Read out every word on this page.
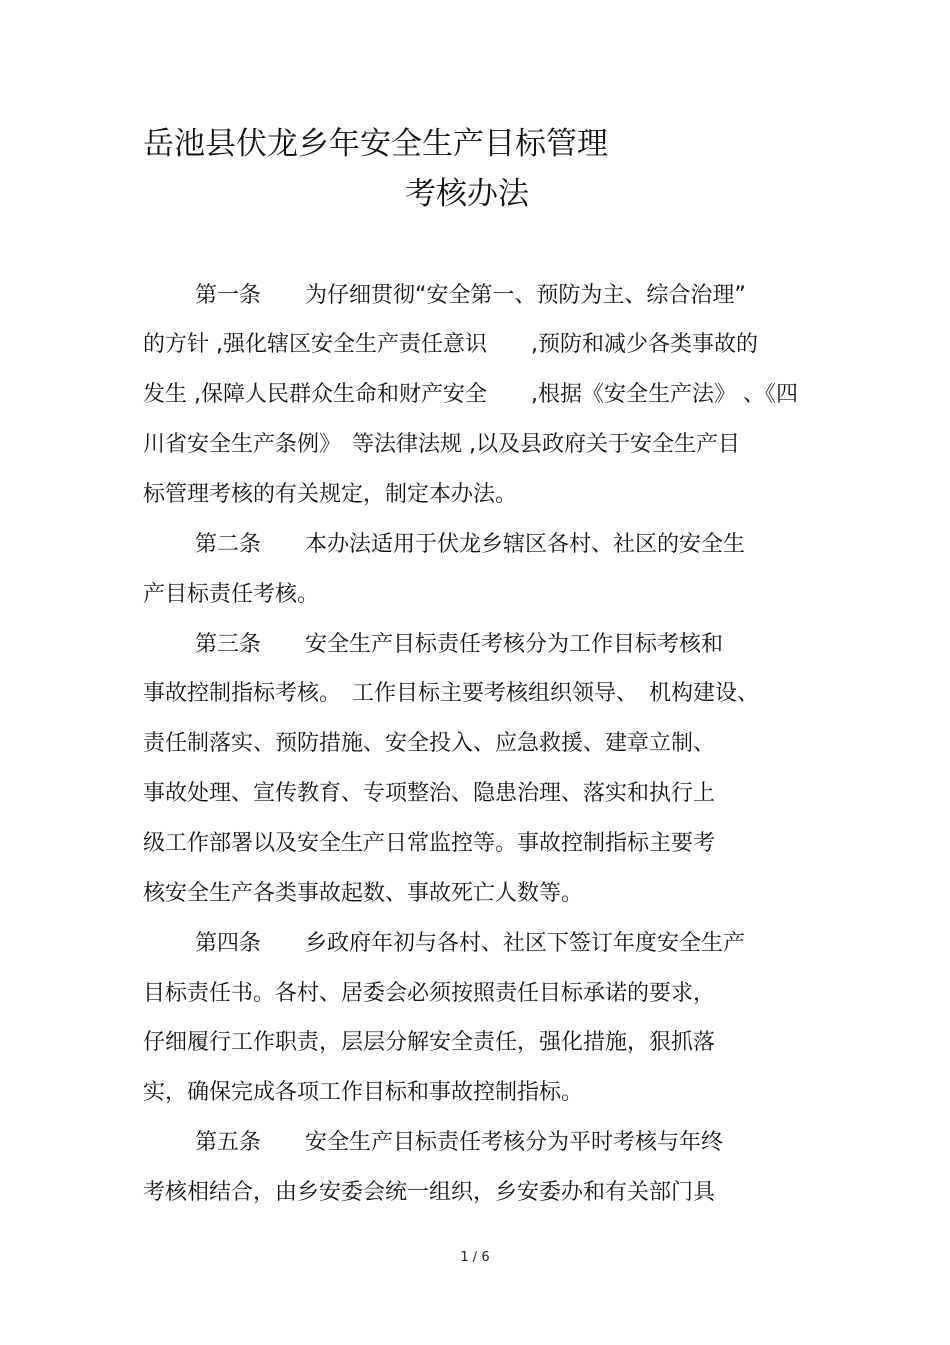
岳池县伏龙乡年安全生产目标管理
考核办法
第一条　　为仔细贯彻“安全第一、预防为主、综合治理”
的方针 ,强化辖区安全生产责任意识　　,预防和减少各类事故的
发生 ,保障人民群众生命和财产安全　　,根据《安全生产法》 、《四
川省安全生产条例》　等法律法规 ,以及县政府关于安全生产目
标管理考核的有关规定，制定本办法。
第二条　　本办法适用于伏龙乡辖区各村、社区的安全生
产目标责任考核。
第三条　　安全生产目标责任考核分为工作目标考核和
事故控制指标考核。　工作目标主要考核组织领导、　机构建设、
责任制落实、预防措施、安全投入、应急救援、建章立制、
事故处理、宣传教育、专项整治、隐患治理、落实和执行上
级工作部署以及安全生产日常监控等。事故控制指标主要考
核安全生产各类事故起数、事故死亡人数等。
第四条　　乡政府年初与各村、社区下签订年度安全生产
目标责任书。各村、居委会必须按照责任目标承诺的要求，
仔细履行工作职责，层层分解安全责任，强化措施，狠抓落
实，确保完成各项工作目标和事故控制指标。
第五条　　安全生产目标责任考核分为平时考核与年终
考核相结合，由乡安委会统一组织，乡安委办和有关部门具
1 / 6
